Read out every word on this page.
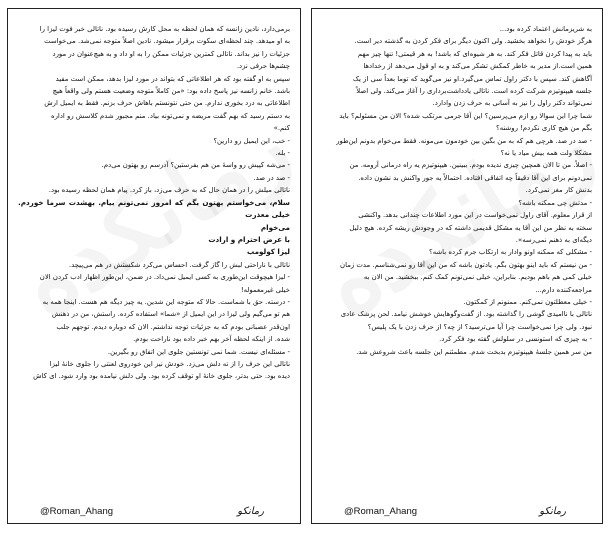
برمی‌دارد، نادین زانسه که همان لحظه به محل کارش رسیده بود. ناتالی خبر فوت لیزا را

به او میدهد. چند لحظه‌ای سکوت برقرار میشود. نادین اصلاً متوجه نمی‌شد. می‌خواست

جزئیات را نیز بداند. ناتالی کمترین جزئیات ممکن را به او داد و به هیچ‌عنوان در مورد

چشم‌ها حرفی نزد.

سپس به او گفته بود که هر اطلاعاتی که بتواند در مورد لیزا بدهد، ممکن است مفید

باشد. خانم زانسه نیز پاسخ داده بود: «من کاملاً متوجه وضعیت هستم ولی واقعاً هیچ

اطلاعاتی به درد بخوری ندارم. من حتی نتونستم باهاش حرف بزنم. فقط به ایمیل ارش

به دستم رسید که بهم گفت مریضه و نمی‌تونه بیاد. منم مجبور شدم کلاسش رو اداره

کنم.»

- خب، این ایمیل رو دارین؟

- بله.

- می‌شه کپیش رو واسهٔ من هم بفرستین؟ آدرسم رو بهتون می‌دم.

- صد در صد.

ناتالی میلش را در همان حال که به حرف می‌زد، باز کرد. پیام همان لحظه رسیده بود.

سلام، می‌خواستم بهتون بگم که امروز نمی‌تونم بیام. بهشدت سرما خوردم. خیلی معذرت

می‌خوام

با عرض احترام و ارادت

لیزا کولومب

ناتالی با ناراحتی لبش را گاز گرفت. احساس می‌کرد شکستش در هم می‌پیچد.

- لیزا هیچوقت این‌طوری به کسی ایمیل نمی‌داد. در ضمن، این‌طور اظهار ادب کردن الان

خیلی غیرمعموله!

- درسته. حق با شماست. حالا که متوجه این شدین. یه چیز دیگه هم هست. اینجا همه به

هم تو می‌گیم ولی لیزا در این ایمیل از «شما» استفاده کرده. راستش، من در ذهنش

اون‌قدر عصبانی بودم که به جزئیات توجه نداشتم. الان که دوباره دیدم. توجهم جلب

شده. از اینکه لحظه آخر بهم خبر داده بود ناراحت بودم.

- مسئله‌ای نیست. شما نمی‌ تونستین جلوی این اتفاق رو بگیرین.

ناتالی این حرف را از ته دلش می‌زد. خودش نیز این خودروی لعنتی را جلوی خانهٔ لیزا

دیده بود. حتی بدتر، جلوی خانهٔ او توقف کرده بود. ولی دلش نیامده بود وارد شود. ای کاش

@Roman_Ahang	رمانکو

به شریزمانش اعتماد کرده بود...

هرگز خودش را نخواهد بخشید. ولی اکنون دیگر برای فکر کردن به گذشته دیر است.

باید به پیدا کردن قاتل فکر کند. به هر شیوه‌ای که باشد! به هر قیمتی! تنها چیز مهم

همین است.از مدیر به خاطر کمکش تشکر می‌کند و به او قول می‌دهد از رخدادها

آگاهش کند. سپس با دکتر راول تماس می‌گیرد.او نیز می‌گوید که توما بعداً سی از یک

جلسه هیپنوتیزم شرکت کرده است. ناتالی یادداشت‌برداری را آغاز می‌کند. ولی اصلاً

نمی‌تواند دکتر راول را نیز به آسانی به حرف زدن وادارد.

شما چرا این سوالا رو ازم می‌پرسین؟ این آقا جرمی مرتکب شده؟ الان من مسئولم؟ باید

بگم من هیچ کاری نکردم! روشنه؟

- صد در صد. هرچی هم که به من بگین بین خودمون می‌مونه. فقط می‌خوام بدونم این‌طور

مشکلا ولت همه بیش میاد یا نه؟

- اصلاً. من تا الان همچین چیزی ندیده بودم. ببینین. هیپنوتیزم یه راه درمانی آرومه. من

نمی‌دونم برای این آقا دقیقاً چه اتفاقی افتاده. احتمالاً یه جور واکنش بد نشون داده.

بدنش کار مغز نمی‌کرد.

- مدتش چی ممکنه باشه؟

از قرار معلوم. آقای راول نمی‌خواست در این مورد اطلاعات چندانی بدهد. واکنشی

سخته به نظر من این آقا یه مشکل قدیمی داشته که در وجودش ریشه کرده. هیچ دلیل

دیگه‌ای به ذهنم نمی‌رسه».

- مشکلی که ممکنه اونو وادار به ارتکاب جرم کرده باشه؟

- من نیستم که باید اینو بهتون بگم. یادتون باشه که من این آقا رو نمی‌شناسم. مدت زمان

خیلی کمی هم باهم بودیم. بنابراین، خیلی نمی‌تونم کمک کنم. ببخشید. من الان به

مراجعه‌کننده دارم...

- خیلی معطلتون نمی‌کنم. ممنونم از کمکتون.

ناتالی با ناامیدی گوشی را گذاشته بود. از گفت‌وگوهایش خوشش نیامد. لحن پزشک عادی

نبود. ولی چرا نمی‌خواست چرا آیا می‌ترسید؟ از چه؟ از حرف زدن با یک پلیس؟

- به چیزی که استونسی در سلولش گفته بود فکر کرد.

من سر همین جلسهٔ هیپنوتیزم بدبخت شدم. مطمئنم این جلسه باعث شروعش شد.

@Roman_Ahang	رمانکو
